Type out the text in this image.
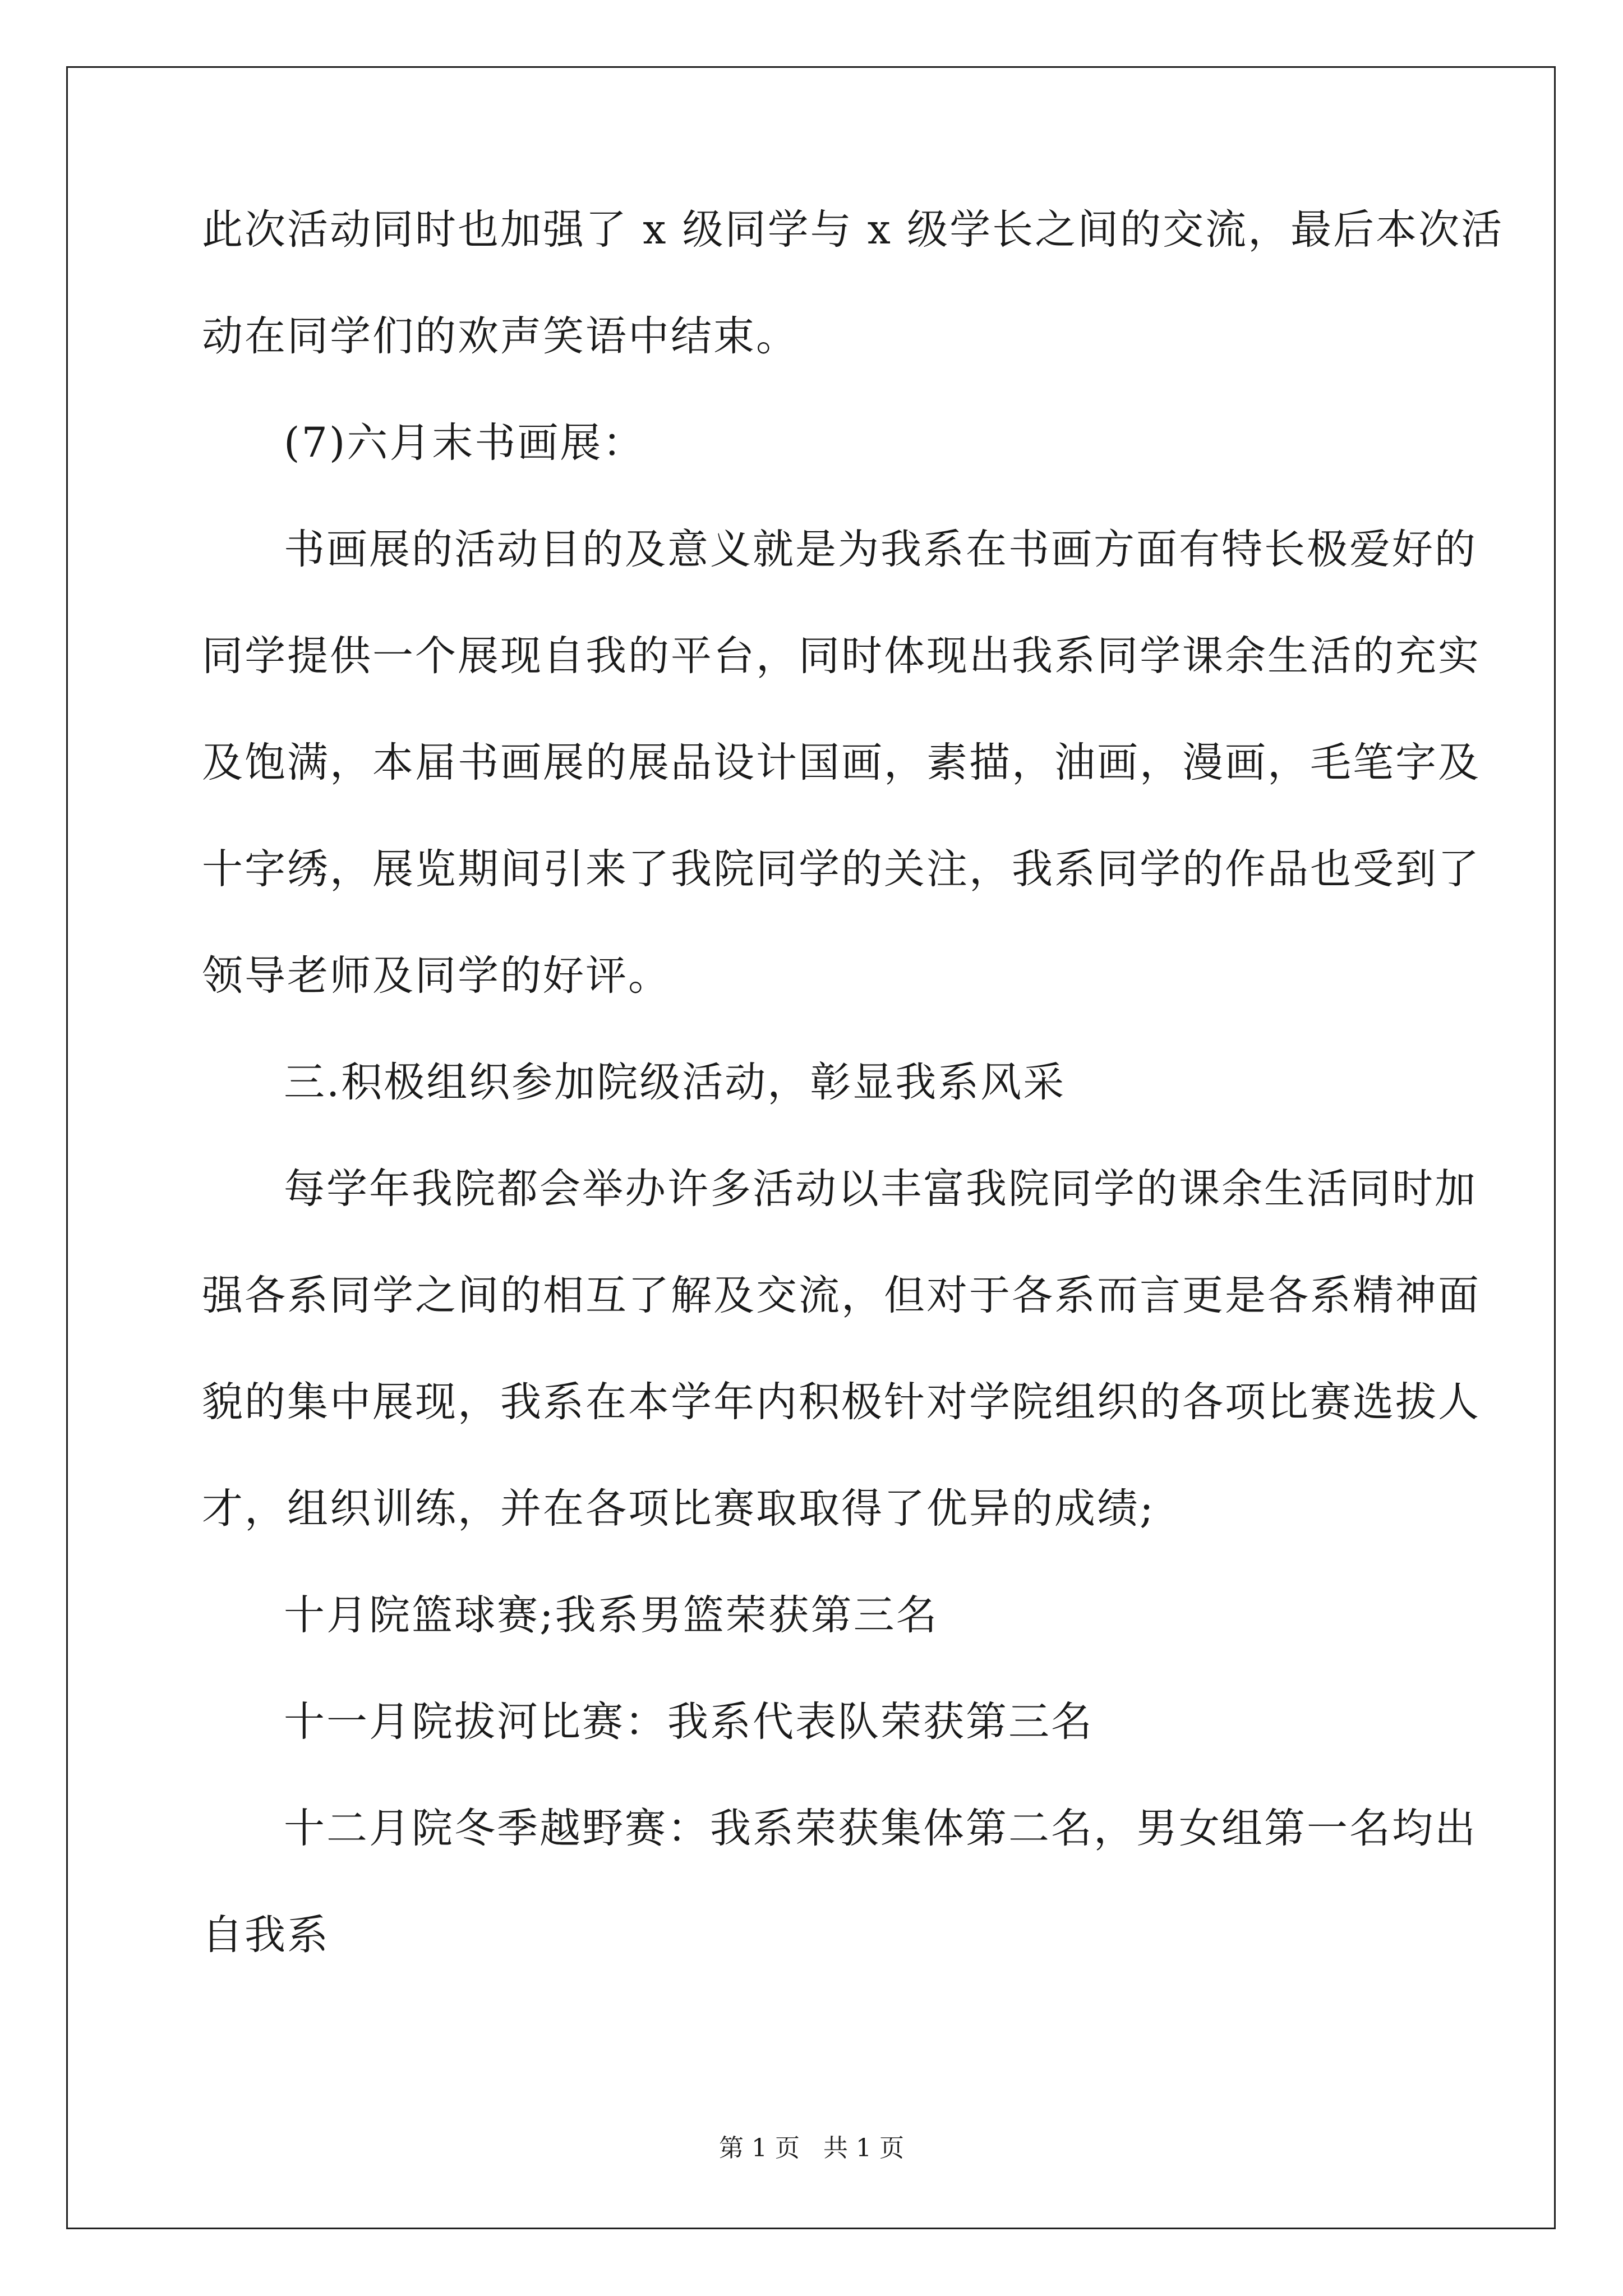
此次活动同时也加强了 x 级同学与 x 级学长之间的交流，最后本次活
动在同学们的欢声笑语中结束。
(7)六月末书画展：
书画展的活动目的及意义就是为我系在书画方面有特长极爱好的
同学提供一个展现自我的平台，同时体现出我系同学课余生活的充实
及饱满，本届书画展的展品设计国画，素描，油画，漫画，毛笔字及
十字绣，展览期间引来了我院同学的关注，我系同学的作品也受到了
领导老师及同学的好评。
三.积极组织参加院级活动，彰显我系风采
每学年我院都会举办许多活动以丰富我院同学的课余生活同时加
强各系同学之间的相互了解及交流，但对于各系而言更是各系精神面
貌的集中展现，我系在本学年内积极针对学院组织的各项比赛选拔人
才，组织训练，并在各项比赛取取得了优异的成绩;
十月院篮球赛;我系男篮荣获第三名
十一月院拔河比赛：我系代表队荣获第三名
十二月院冬季越野赛：我系荣获集体第二名，男女组第一名均出
自我系
第 1 页 共 1 页
